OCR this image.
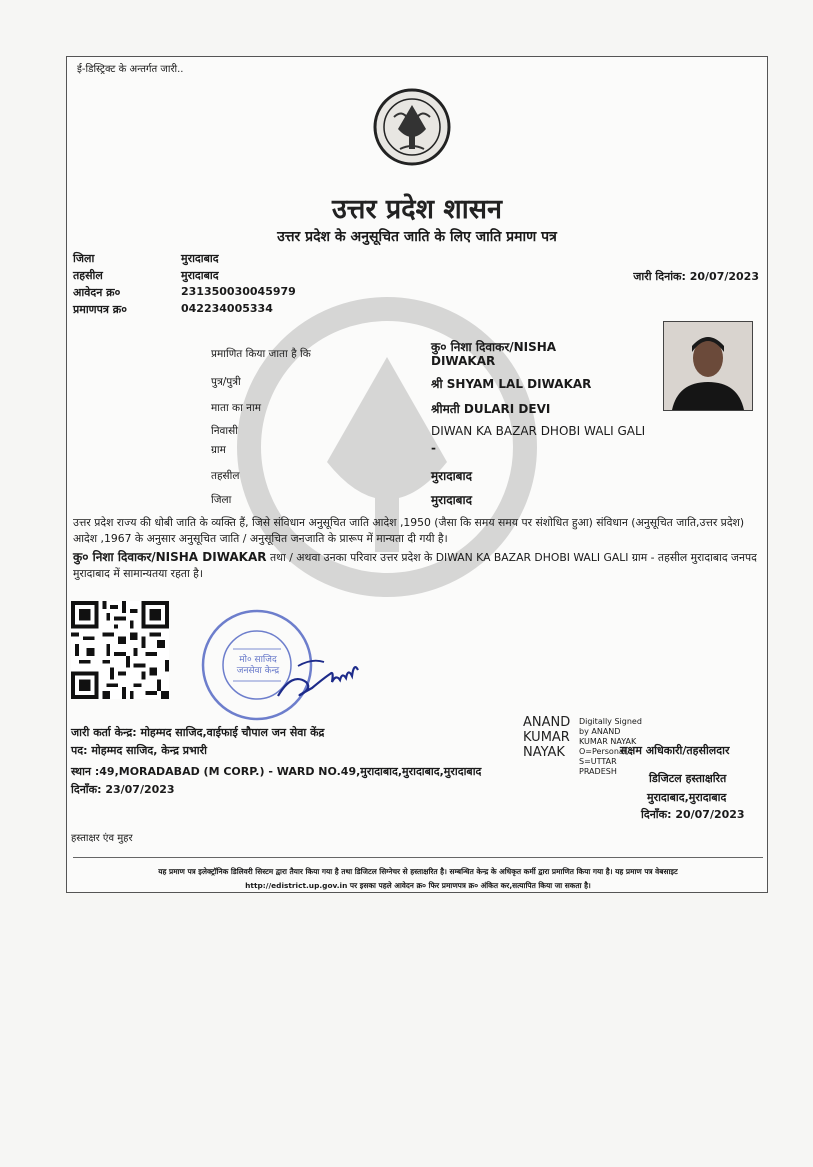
ई-डिस्ट्रिक्ट के अन्तर्गत जारी..
उत्तर प्रदेश शासन
उत्तर प्रदेश के अनुसूचित जाति के लिए जाति प्रमाण पत्र
जिला	मुरादाबाद
तहसील	मुरादाबाद
आवेदन क्र०	231350030045979
प्रमाणपत्र क्र०	042234005334
जारी दिनांक: 20/07/2023
प्रमाणित किया जाता है कि	कु० निशा दिवाकर/NISHA DIWAKAR
पुत्र/पुत्री	श्री SHYAM LAL DIWAKAR
माता का नाम	श्रीमती DULARI DEVI
निवासी	DIWAN KA BAZAR DHOBI WALI GALI
ग्राम	-
तहसील	मुरादाबाद
जिला	मुरादाबाद
उत्तर प्रदेश राज्य की धोबी जाति के व्यक्ति हैं, जिसे संविधान अनुसूचित जाति आदेश ,1950 (जैसा कि समय समय पर संशोधित हुआ) संविधान (अनुसूचित जाति,उत्तर प्रदेश) आदेश ,1967 के अनुसार अनुसूचित जाति / अनुसूचित जनजाति के प्रारूप में मान्यता दी गयी है।
कु० निशा दिवाकर/NISHA DIWAKAR तथा / अथवा उनका परिवार उत्तर प्रदेश के DIWAN KA BAZAR DHOBI WALI GALI ग्राम - तहसील मुरादाबाद जनपद मुरादाबाद में सामान्यतया रहता है।
मो० साजिद जनसेवा केन्द्र
जारी कर्ता केन्द्र: मोहम्मद साजिद,वाईफाई चौपाल जन सेवा केंद्र
पद: मोहम्मद साजिद, केन्द्र प्रभारी
स्थान :49,MORADABAD (M CORP.) - WARD NO.49,मुरादाबाद,मुरादाबाद,मुरादाबाद
दिनाँक: 23/07/2023
हस्ताक्षर एंव मुहर
ANAND KUMAR NAYAK
Digitally Signed by ANAND KUMAR NAYAK O=Personal, S=UTTAR PRADESH
सक्षम अधिकारी/तहसीलदार
डिजिटल हस्ताक्षरित
मुरादाबाद,मुरादाबाद
दिनाँक: 20/07/2023
यह प्रमाण पत्र इलेक्ट्रॉनिक डिलिवरी सिस्टम द्वारा तैयार किया गया है तथा डिजिटल सिग्नेचर से हस्ताक्षरित है। सम्बन्धित केन्द्र के अधिकृत कर्मी द्वारा प्रमाणित किया गया है। यह प्रमाण पत्र वेबसाइट
http://edistrict.up.gov.in पर इसका पहले आवेदन क्र० फिर प्रमाणपत्र क्र० अंकित कर,सत्यापित किया जा सकता है।
